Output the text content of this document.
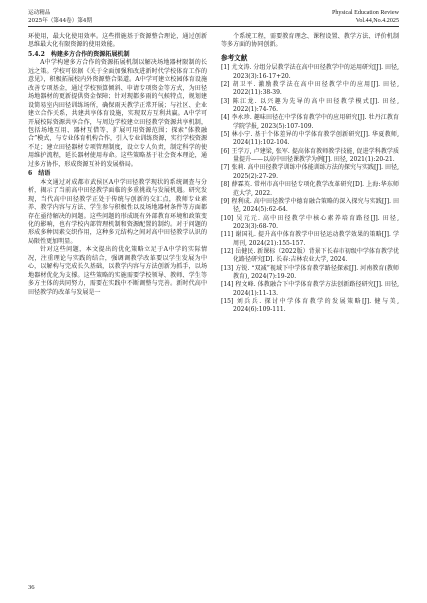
运动精品
2025年（第44卷）第4期
Physical Education Review
Vol.44,No.4.2025

环使用，最大化使用效率。这些措施基于资源整合理论，通过创新思维最大化有限资源的使用效能。

5.4.2　构建多方合作的资源拓展机制

A中学构建多方合作的资源拓展机制以解决场地器材限制的长远之策。学校可依据《关于全面加强和改进新时代学校体育工作的意见》，积极拓展校内外资源整合渠道。A中学可建立校园体育设施改善专项基金，通过学校预算倾斜、申请专项资金等方式，为田径场地器材的更新提供资金保障；针对现都多雨的气候特点，规划建设简易室内田径训练场所，确保雨天教学正常开展；与社区、企业建立合作关系，共建共享体育设施，实现双方互利共赢。A中学可开展校际资源共享合作，与周边学校建立田径教学资源共享机制，包括场地互用、器材互借等，扩展可用资源范围；探索“体教融合”模式，与专业体育机构合作，引入专业训练资源，实行学校资源不足；建立田径器材专项管理制度，设立专人负责，制定科学的使用维护流程，延长器材使用寿命。这些策略基于社会资本理论，通过多方协作，形成资源互补的发展格局。

6　结语

本文通过对成都市武侯区A中学田径教学现状的系统调查与分析，揭示了当前高中田径教学面临的多重挑战与发展机遇。研究发现，当代高中田径教学正处于传统与创新的交汇点，教师专业素养、教学内容与方法、学生参与积极性以及场地器材条件等方面都存在亟待解决的问题。这些问题的形成既有外部教育环境和政策变化的影响，也有学校内部管理机制和资源配置的制约。对于问题的形成多种因素交织作用，这种多元结构之间对高中田径教学认识的局限性更加明显。

针对这些问题，本文提出的优化策略立足于A中学的实际情况，注重理论与实践的结合，强调调教学改革要以学生发展为中心，以解构与完成长久基础，以教学内容与方法创新为抓手，以场地器材优化为支撑。这些策略的实施需要学校领导、教师、学生等多方主体的共同努力，需要在实践中不断调整与完善。新时代高中田径教学的改革与发展是一

个系统工程，需要教育理念、课程设置、教学方法、评价机制等多方面的协同创新。

参考文献

[1] 尤文涛. 分组分层教学法在高中田径教学中的运用研究[J]. 田径, 2023(3):16-17+20.

[2] 胡卫平. 激励教学法在高中田径教学中的应用[J]. 田径, 2022(11):38-39.

[3] 陈江龙. 以兴趣为先导的高中田径教学模式[J]. 田径, 2022(1):74-76.

[4] 李永珍. 趣味田径在中学体育教学中的应用研究[J]. 牡丹江教育学院学报, 2023(5):107-109.

[5] 林小宁. 基于个体差异的中学体育教学创新研究[J]. 华夏教师, 2024(11):102-104.

[6] 王学万, 卢建梁, 张军. 提高体育教师教学技能, 促进学科教学质量提升——以高中田径课教学为例[J]. 田径, 2021(1):20-21.

[7] 张莉. 高中田径教学训练中体能训练方法的探究与实践[J]. 田径, 2025(2):27-29.

[8] 薛霖英. 常州市高中田径专项化教学改革研究[D]. 上海:华东师范大学, 2022.

[9] 程利成. 高中田径教学中德育融合策略的深入探究与实践[J]. 田径, 2024(5):62-64.

[10] 吴元元. 高中田径教学中核心素养培育路径[J]. 田径, 2023(3):68-70.

[11] 谢国礼. 提升高中体育教学中田径运动教学效果的策略[J]. 学周刊, 2024(21):155-157.

[12] 岳健民. 新课标（2022版）背景下长春市初级中学体育教学优化路径研究[D]. 长春:吉林农业大学, 2024.

[13] 方锐. “双减”视域下中学体育教学路径探索[J]. 河南教育(教师教育), 2024(7):19-20.

[14] 程文峰. 体教融合下中学体育教学方法创新路径研究[J]. 田径, 2024(1):11-13.

[15] 刘兵兵. 探讨中学体育教学的发展策略[J]. 健与美, 2024(6):109-111.

36
